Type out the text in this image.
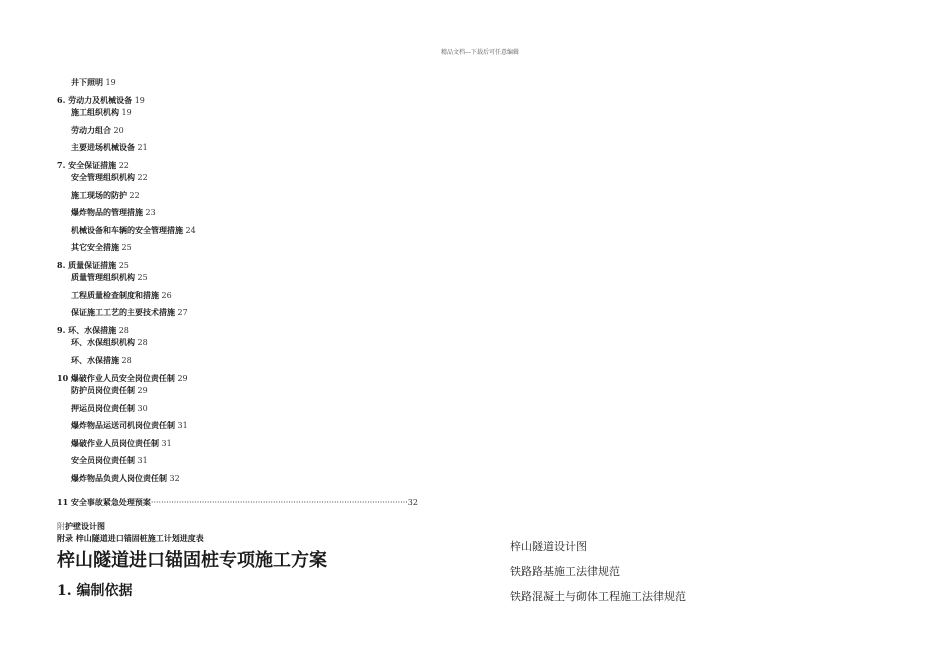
精品文档---下载后可任意编辑
井下照明 19
6. 劳动力及机械设备 19
施工组织机构 19
劳动力组合 20
主要进场机械设备 21
7. 安全保证措施 22
安全管理组织机构 22
施工现场的防护 22
爆炸物品的管理措施 23
机械设备和车辆的安全管理措施 24
其它安全措施 25
8. 质量保证措施 25
质量管理组织机构 25
工程质量检查制度和措施 26
保证施工工艺的主要技术措施 27
9. 环、水保措施 28
环、水保组织机构 28
环、水保措施 28
10 爆破作业人员安全岗位责任制 29
防护员岗位责任制 29
押运员岗位责任制 30
爆炸物品运送司机岗位责任制 31
爆破作业人员岗位责任制 31
安全员岗位责任制 31
爆炸物品负责人岗位责任制 32
11 安全事故紧急处理预案·····································································································32
附护壁设计图
附录 梓山隧道进口锚固桩施工计划进度表
梓山隧道进口锚固桩专项施工方案
1. 编制依据
梓山隧道设计图
铁路路基施工法律规范
铁路混凝土与砌体工程施工法律规范
